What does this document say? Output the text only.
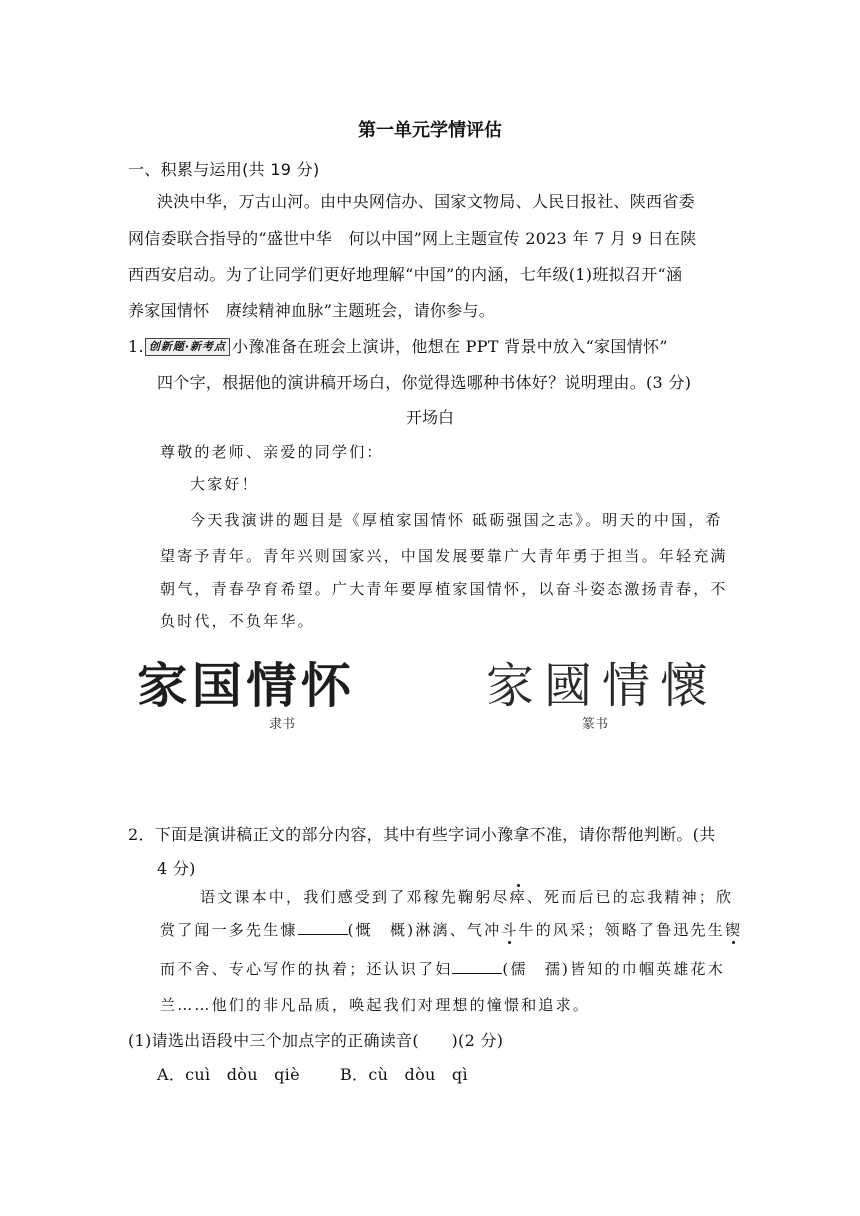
第一单元学情评估
一、积累与运用(共 19 分)
泱泱中华，万古山河。由中央网信办、国家文物局、人民日报社、陕西省委
网信委联合指导的“盛世中华　何以中国”网上主题宣传 2023 年 7 月 9 日在陕
西西安启动。为了让同学们更好地理解“中国”的内涵，七年级(1)班拟召开“涵
养家国情怀　赓续精神血脉”主题班会，请你参与。
1. 创新题·新考点 小豫准备在班会上演讲，他想在 PPT 背景中放入“家国情怀”
四个字，根据他的演讲稿开场白，你觉得选哪种书体好？说明理由。(3 分)
开场白
尊敬的老师、亲爱的同学们：
大家好！
今天我演讲的题目是《厚植家国情怀 砥砺强国之志》。明天的中国，希
望寄予青年。青年兴则国家兴，中国发展要靠广大青年勇于担当。年轻充满
朝气，青春孕育希望。广大青年要厚植家国情怀，以奋斗姿态激扬青春，不
负时代，不负年华。
家国情怀	家國情懷
隶书	篆书
2．下面是演讲稿正文的部分内容，其中有些字词小豫拿不准，请你帮他判断。(共
4 分)
语文课本中，我们感受到了邓稼先鞠躬尽瘁、死而后已的忘我精神；欣
赏了闻一多先生慷	(慨　概)淋漓、气冲斗牛的风采；领略了鲁迅先生锲
而不舍、专心写作的执着；还认识了妇	(儒　孺)皆知的巾帼英雄花木
兰……他们的非凡品质，唤起我们对理想的憧憬和追求。
(1)请选出语段中三个加点字的正确读音(　　)(2 分)
A．cuì　dòu　qiè	B．cù　dòu　qì
